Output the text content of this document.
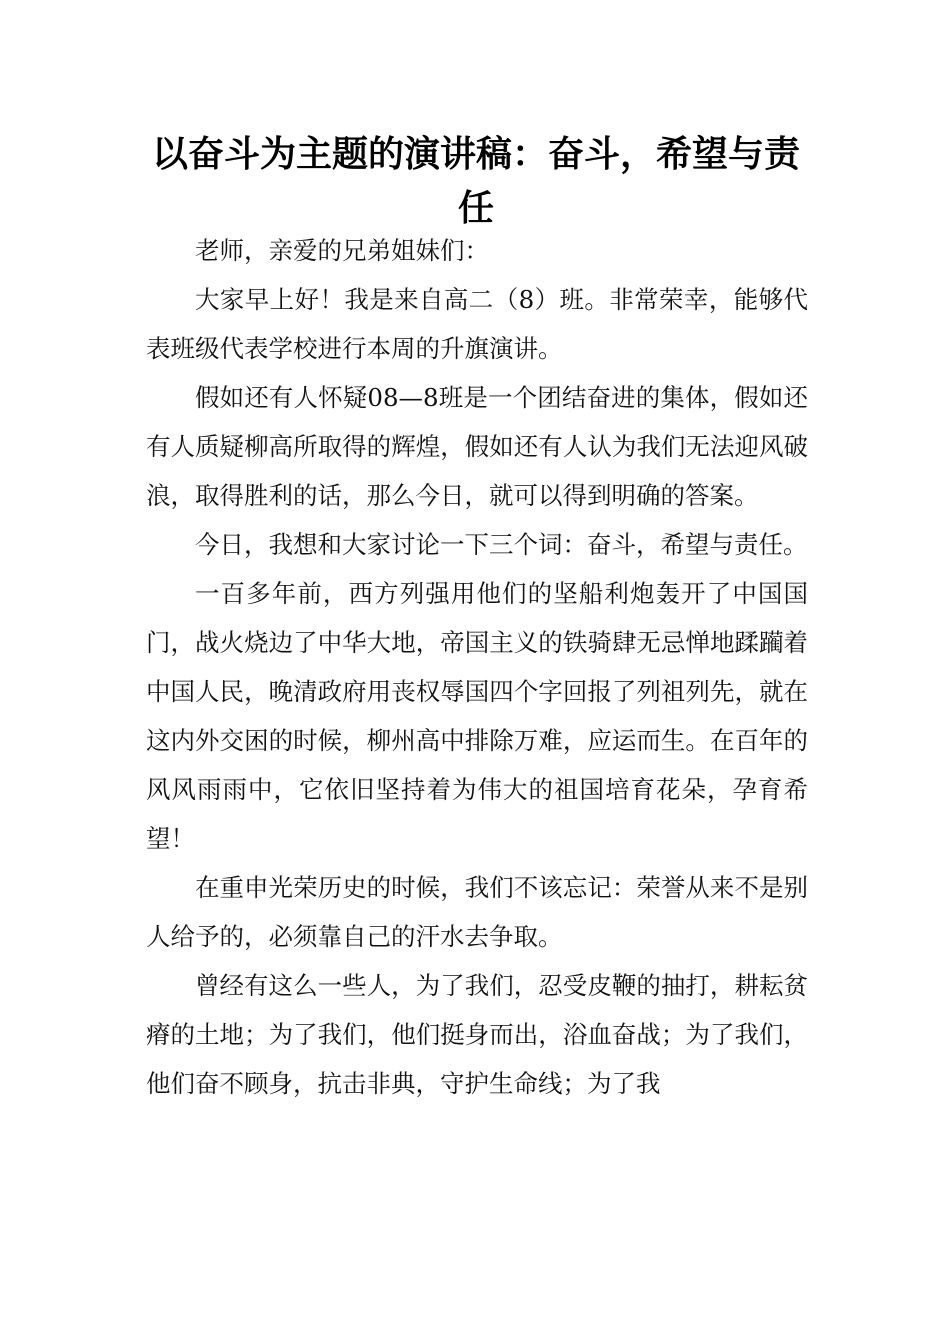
以奋斗为主题的演讲稿：奋斗，希望与责任

老师，亲爱的兄弟姐妹们：

大家早上好！我是来自高二（8）班。非常荣幸，能够代表班级代表学校进行本周的升旗演讲。

假如还有人怀疑08—8班是一个团结奋进的集体，假如还有人质疑柳高所取得的辉煌，假如还有人认为我们无法迎风破浪，取得胜利的话，那么今日，就可以得到明确的答案。

今日，我想和大家讨论一下三个词：奋斗，希望与责任。

一百多年前，西方列强用他们的坚船利炮轰开了中国国门，战火烧边了中华大地，帝国主义的铁骑肆无忌惮地蹂躏着中国人民，晚清政府用丧权辱国四个字回报了列祖列先，就在这内外交困的时候，柳州高中排除万难，应运而生。在百年的风风雨雨中，它依旧坚持着为伟大的祖国培育花朵，孕育希望！

在重申光荣历史的时候，我们不该忘记：荣誉从来不是别人给予的，必须靠自己的汗水去争取。

曾经有这么一些人，为了我们，忍受皮鞭的抽打，耕耘贫瘠的土地；为了我们，他们挺身而出，浴血奋战；为了我们，他们奋不顾身，抗击非典，守护生命线；为了我
